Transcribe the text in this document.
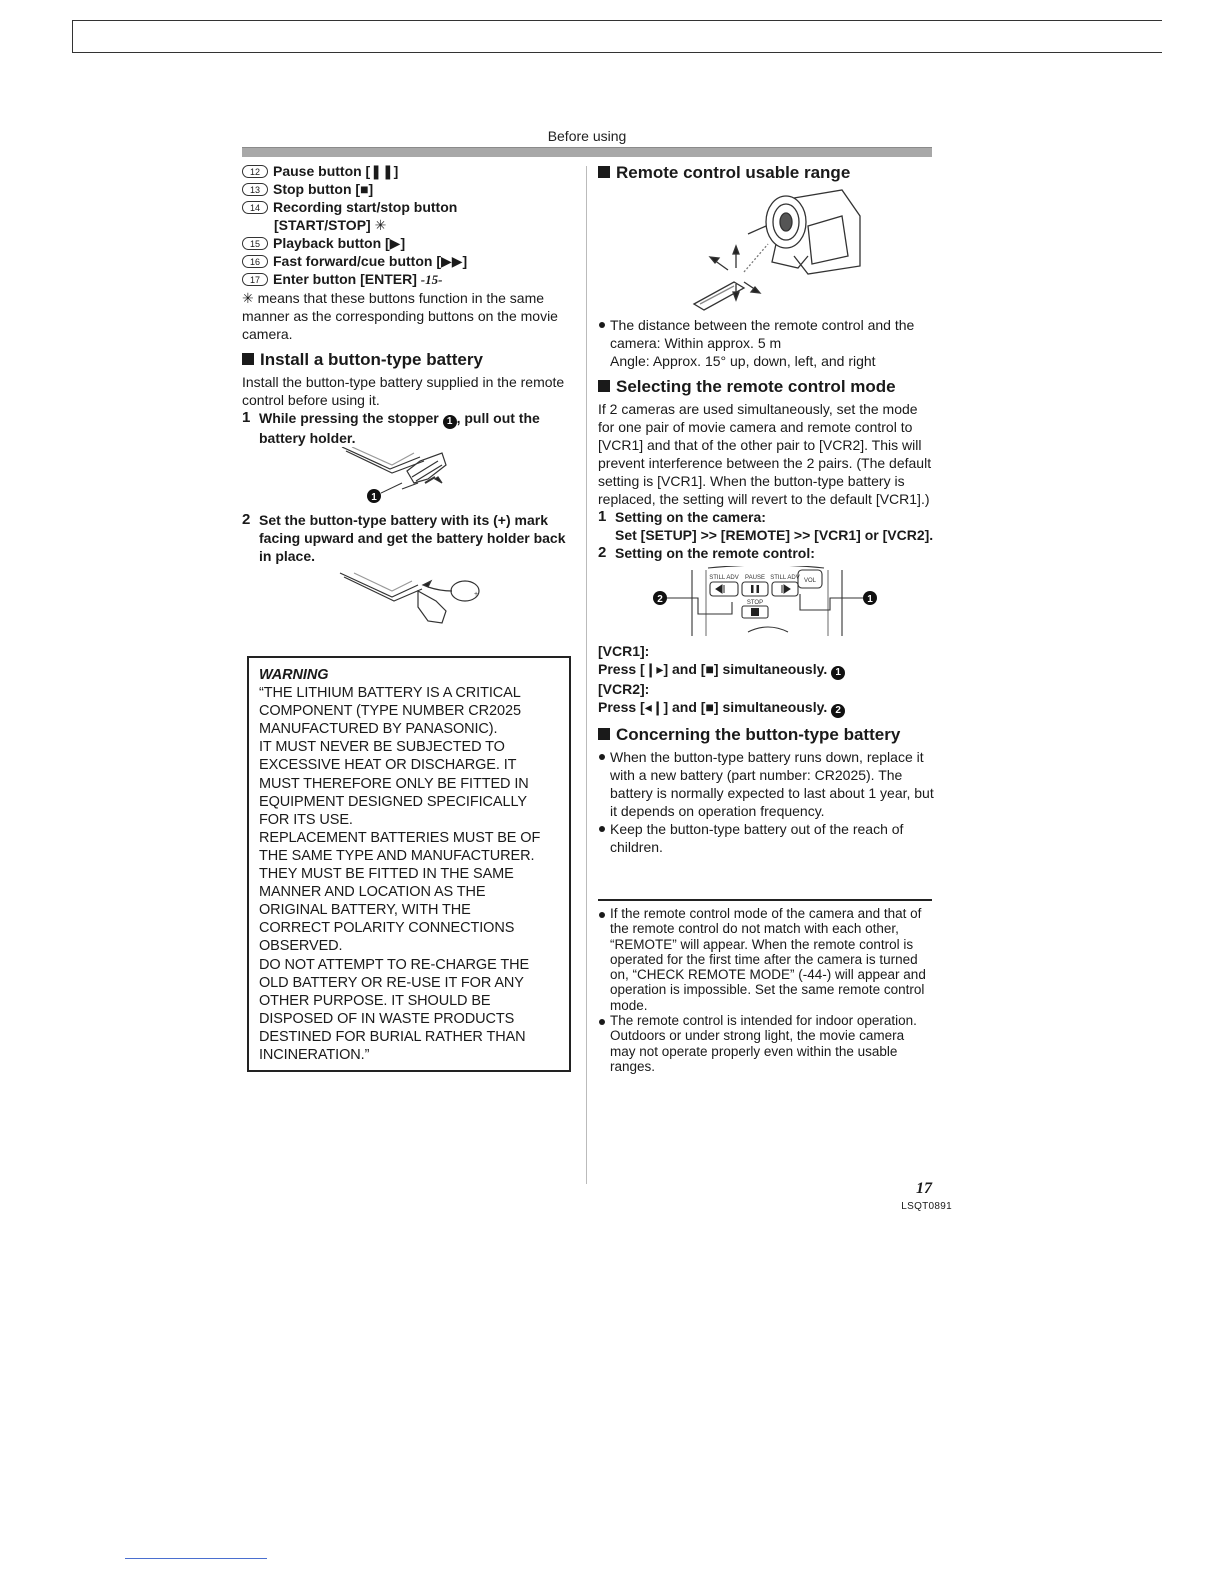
Before using

12 Pause button [❚❚]

13 Stop button [■]

14 Recording start/stop button

[START/STOP] ✳

15 Playback button [▶]

16 Fast forward/cue button [▶▶]

17 Enter button [ENTER] -15-

✳ means that these buttons function in the same manner as the corresponding buttons on the movie camera.

Install a button-type battery

Install the button-type battery supplied in the remote control before using it.

1 While pressing the stopper 1 , pull out the battery holder.

1

2 Set the button-type battery with its (+) mark facing upward and get the battery holder back in place.

+
WARNING
“THE LITHIUM BATTERY IS A CRITICAL
COMPONENT (TYPE NUMBER CR2025
MANUFACTURED BY PANASONIC).
IT MUST NEVER BE SUBJECTED TO
EXCESSIVE HEAT OR DISCHARGE. IT
MUST THEREFORE ONLY BE FITTED IN
EQUIPMENT DESIGNED SPECIFICALLY
FOR ITS USE.
REPLACEMENT BATTERIES MUST BE OF
THE SAME TYPE AND MANUFACTURER.
THEY MUST BE FITTED IN THE SAME
MANNER AND LOCATION AS THE
ORIGINAL BATTERY, WITH THE
CORRECT POLARITY CONNECTIONS
OBSERVED.
DO NOT ATTEMPT TO RE-CHARGE THE
OLD BATTERY OR RE-USE IT FOR ANY
OTHER PURPOSE. IT SHOULD BE
DISPOSED OF IN WASTE PRODUCTS
DESTINED FOR BURIAL RATHER THAN
INCINERATION.”
Remote control usable range

The distance between the remote control and the camera: Within approx. 5 m

Angle: Approx. 15° up, down, left, and right

Selecting the remote control mode

If 2 cameras are used simultaneously, set the mode for one pair of movie camera and remote control to [VCR1] and that of the other pair to [VCR2]. This will prevent interference between the 2 pairs. (The default setting is [VCR1]. When the button-type battery is replaced, the setting will revert to the default [VCR1].)

1 Setting on the camera:

Set [SETUP] >> [REMOTE] >> [VCR1] or [VCR2].

2 Setting on the remote control:

STILL ADV PAUSE STILL ADV VOL
STOP
2	1

[VCR1]:

Press [❙▸] and [■] simultaneously. 1

[VCR2]:

Press [◂❙] and [■] simultaneously. 2

Concerning the button-type battery

When the button-type battery runs down, replace it with a new battery (part number: CR2025). The battery is normally expected to last about 1 year, but it depends on operation frequency.

Keep the button-type battery out of the reach of children.

If the remote control mode of the camera and that of the remote control do not match with each other, “REMOTE” will appear. When the remote control is operated for the first time after the camera is turned on, “CHECK REMOTE MODE” (-44-) will appear and operation is impossible. Set the same remote control mode.

The remote control is intended for indoor operation. Outdoors or under strong light, the movie camera may not operate properly even within the usable ranges.

17
LSQT0891
